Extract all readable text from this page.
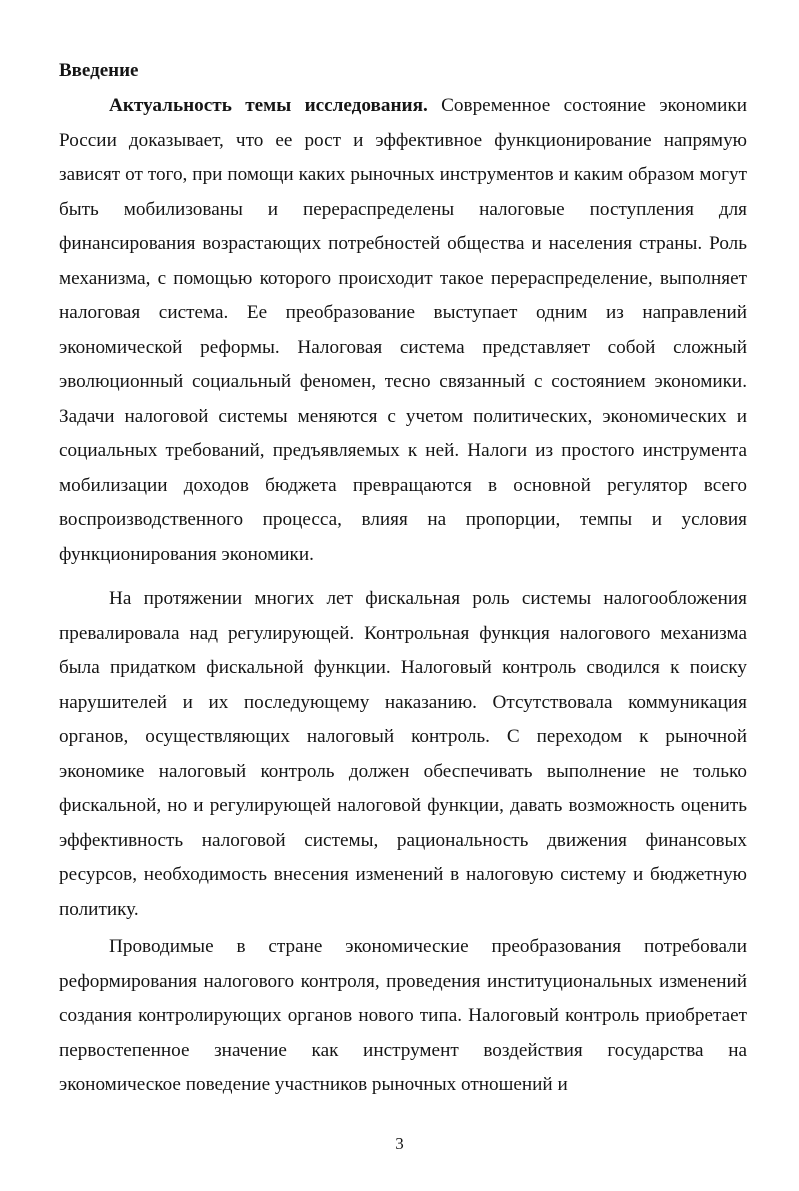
Введение

Актуальность темы исследования. Современное состояние экономики России доказывает, что ее рост и эффективное функционирование напрямую зависят от того, при помощи каких рыночных инструментов и каким образом могут быть мобилизованы и перераспределены налоговые поступления для финансирования возрастающих потребностей общества и населения страны. Роль механизма, с помощью которого происходит такое перераспределение, выполняет налоговая система. Ее преобразование выступает одним из направлений экономической реформы. Налоговая система представляет собой сложный эволюционный социальный феномен, тесно связанный с состоянием экономики. Задачи налоговой системы меняются с учетом политических, экономических и социальных требований, предъявляемых к ней. Налоги из простого инструмента мобилизации доходов бюджета превращаются в основной регулятор всего воспроизводственного процесса, влияя на пропорции, темпы и условия функционирования экономики.

На протяжении многих лет фискальная роль системы налогообложения превалировала над регулирующей. Контрольная функция налогового механизма была придатком фискальной функции. Налоговый контроль сводился к поиску нарушителей и их последующему наказанию. Отсутствовала коммуникация органов, осуществляющих налоговый контроль. С переходом к рыночной экономике налоговый контроль должен обеспечивать выполнение не только фискальной, но и регулирующей налоговой функции, давать возможность оценить эффективность налоговой системы, рациональность движения финансовых ресурсов, необходимость внесения изменений в налоговую систему и бюджетную политику.

Проводимые в стране экономические преобразования потребовали реформирования налогового контроля, проведения институциональных изменений создания контролирующих органов нового типа. Налоговый контроль приобретает первостепенное значение как инструмент воздействия государства на экономическое поведение участников рыночных отношений и

3
